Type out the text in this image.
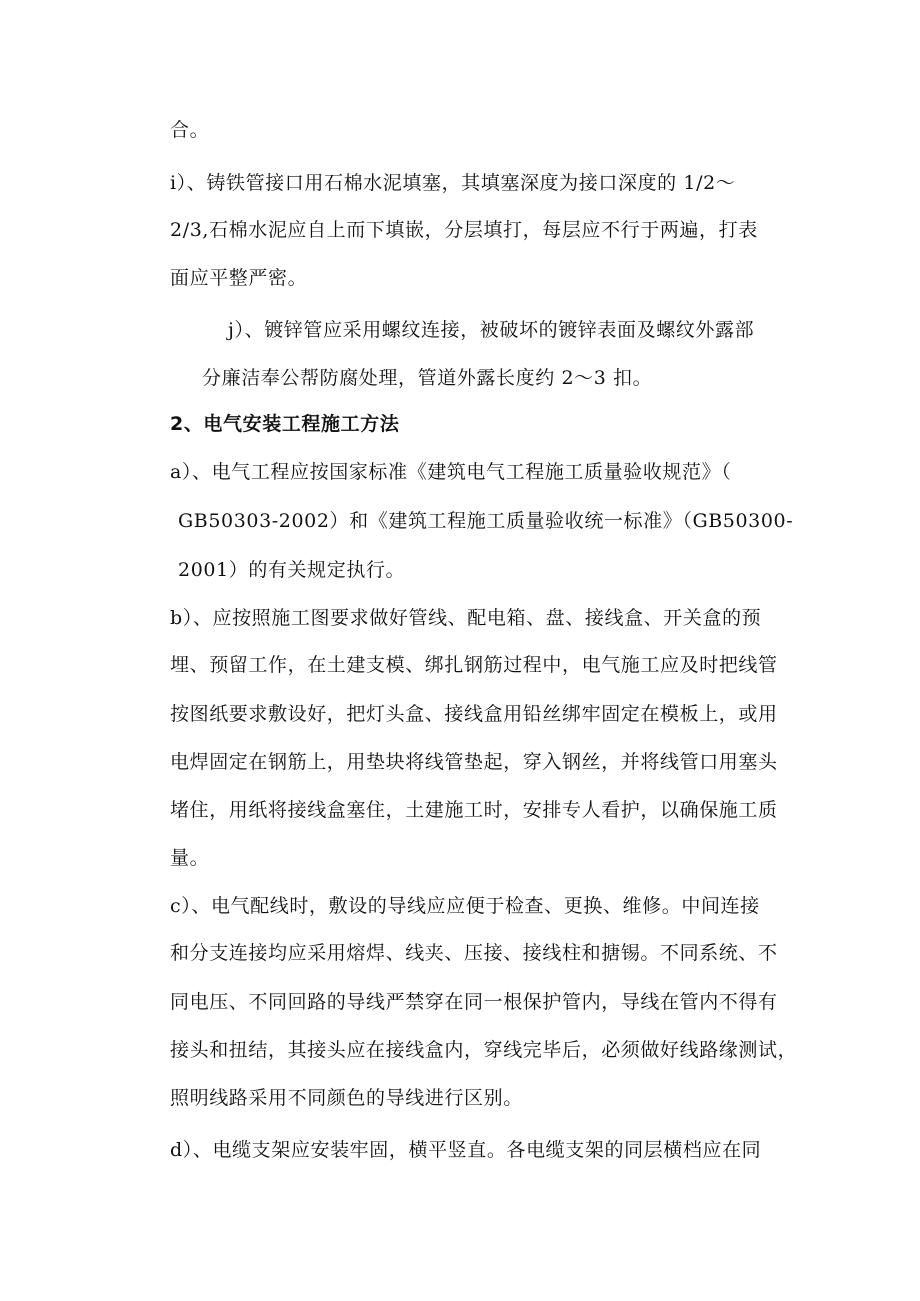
合。
i）、铸铁管接口用石棉水泥填塞，其填塞深度为接口深度的 1/2～
2/3,石棉水泥应自上而下填嵌，分层填打，每层应不行于两遍，打表
面应平整严密。
j）、镀锌管应采用螺纹连接，被破坏的镀锌表面及螺纹外露部
分廉洁奉公帮防腐处理，管道外露长度约 2～3 扣。
2、电气安装工程施工方法
a）、电气工程应按国家标准《建筑电气工程施工质量验收规范》（
GB50303-2002）和《建筑工程施工质量验收统一标准》（GB50300-
2001）的有关规定执行。
b）、应按照施工图要求做好管线、配电箱、盘、接线盒、开关盒的预
埋、预留工作，在土建支模、绑扎钢筋过程中，电气施工应及时把线管
按图纸要求敷设好，把灯头盒、接线盒用铅丝绑牢固定在模板上，或用
电焊固定在钢筋上，用垫块将线管垫起，穿入钢丝，并将线管口用塞头
堵住，用纸将接线盒塞住，土建施工时，安排专人看护，以确保施工质
量。
c）、电气配线时，敷设的导线应应便于检查、更换、维修。中间连接
和分支连接均应采用熔焊、线夹、压接、接线柱和搪锡。不同系统、不
同电压、不同回路的导线严禁穿在同一根保护管内，导线在管内不得有
接头和扭结，其接头应在接线盒内，穿线完毕后，必须做好线路缘测试，
照明线路采用不同颜色的导线进行区别。
d）、电缆支架应安装牢固，横平竖直。各电缆支架的同层横档应在同
